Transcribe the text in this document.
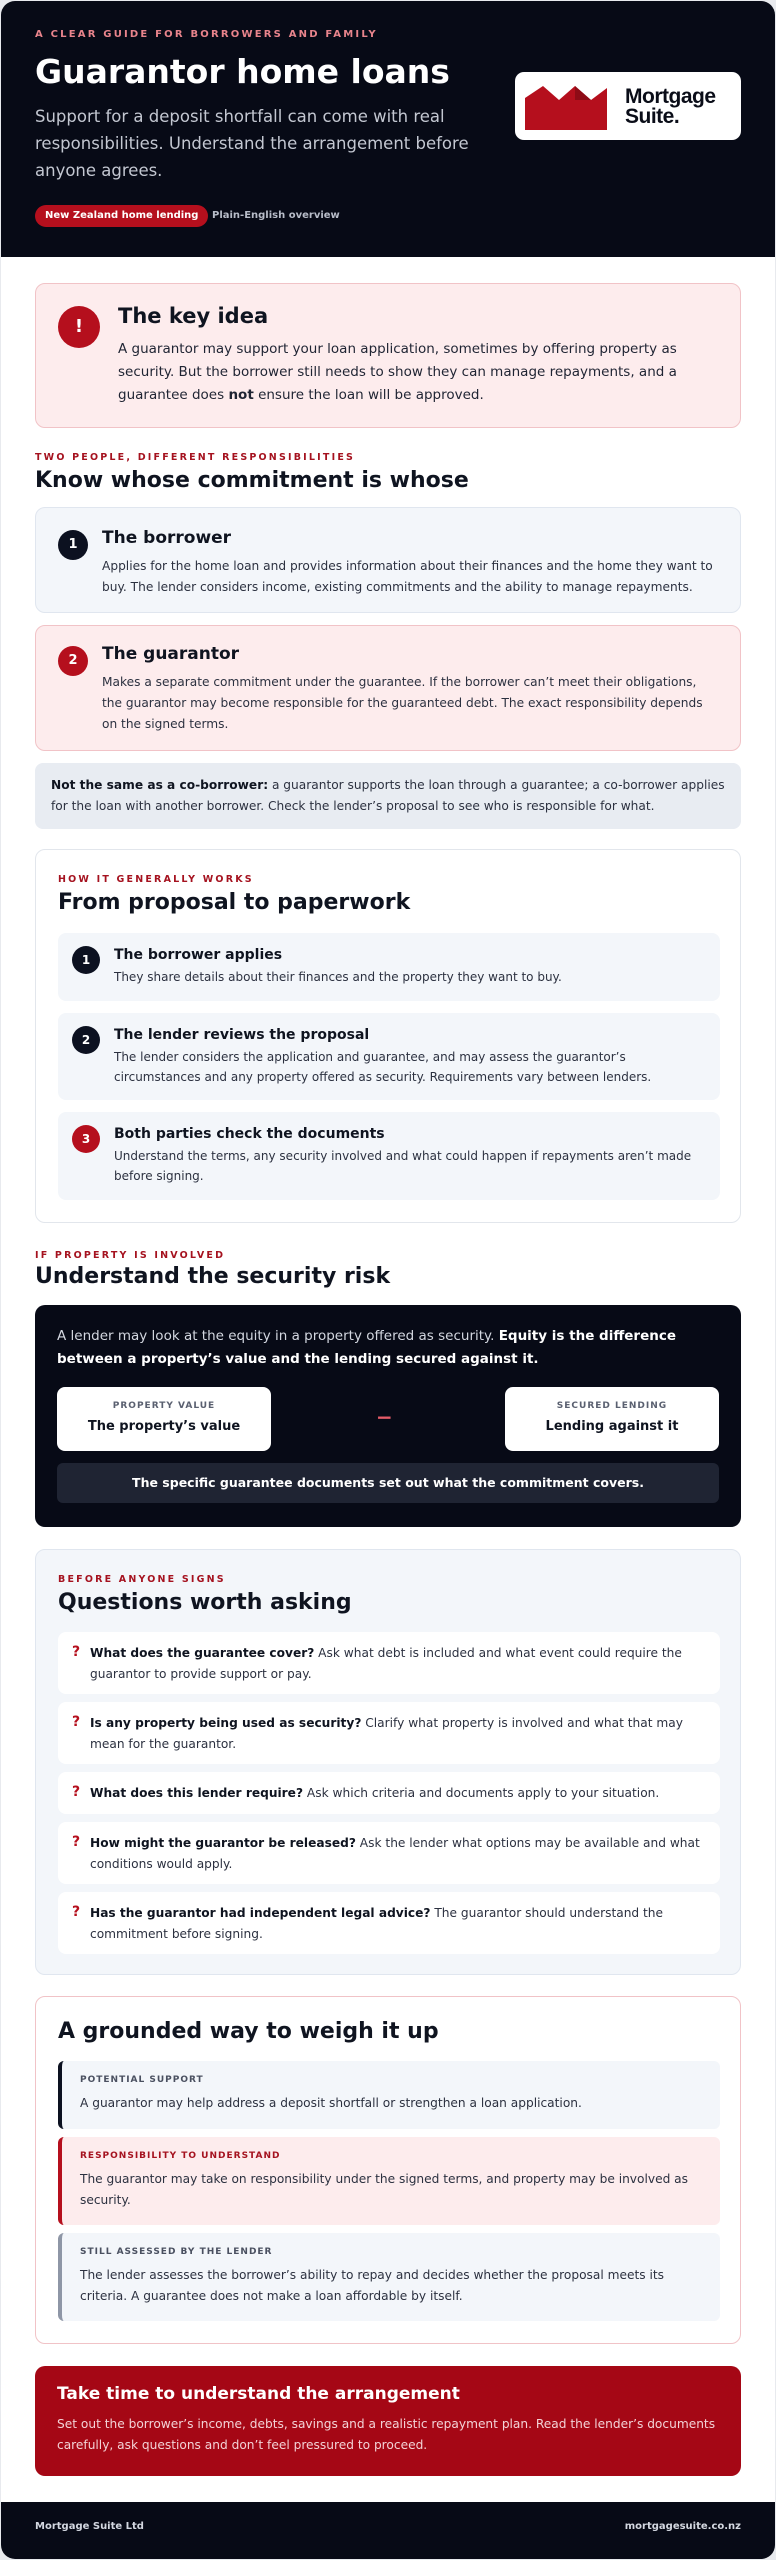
A CLEAR GUIDE FOR BORROWERS AND FAMILY
Guarantor home loans

Support for a deposit shortfall can come with real responsibilities. Understand the arrangement before anyone agrees.

New Zealand home lending	Plain-English overview
Mortgage
Suite.
!	The key idea

A guarantor may support your loan application, sometimes by offering property as security. But the borrower still needs to show they can manage repayments, and a guarantee does not ensure the loan will be approved.

TWO PEOPLE, DIFFERENT RESPONSIBILITIES
Know whose commitment is whose
1	The borrower

Applies for the home loan and provides information about their finances and the home they want to buy. The lender considers income, existing commitments and the ability to manage repayments.

2	The guarantor

Makes a separate commitment under the guarantee. If the borrower can’t meet their obligations, the guarantor may become responsible for the guaranteed debt. The exact responsibility depends on the signed terms.

Not the same as a co-borrower: a guarantor supports the loan through a guarantee; a co-borrower applies for the loan with another borrower. Check the lender’s proposal to see who is responsible for what.
HOW IT GENERALLY WORKS
From proposal to paperwork
1	The borrower applies

They share details about their finances and the property they want to buy.

2	The lender reviews the proposal

The lender considers the application and guarantee, and may assess the guarantor’s circumstances and any property offered as security. Requirements vary between lenders.

3	Both parties check the documents

Understand the terms, any security involved and what could happen if repayments aren’t made before signing.

IF PROPERTY IS INVOLVED
Understand the security risk

A lender may look at the equity in a property offered as security. Equity is the difference between a property’s value and the lending secured against it.

PROPERTY VALUE
The property’s value	−	SECURED LENDING
Lending against it
The specific guarantee documents set out what the commitment covers.
BEFORE ANYONE SIGNS
Questions worth asking
? What does the guarantee cover? Ask what debt is included and what event could require the guarantor to provide support or pay.

? Is any property being used as security? Clarify what property is involved and what that may mean for the guarantor.

? What does this lender require? Ask which criteria and documents apply to your situation.

? How might the guarantor be released? Ask the lender what options may be available and what conditions would apply.

? Has the guarantor had independent legal advice? The guarantor should understand the commitment before signing.

A grounded way to weigh it up
POTENTIAL SUPPORT

A guarantor may help address a deposit shortfall or strengthen a loan application.

RESPONSIBILITY TO UNDERSTAND

The guarantor may take on responsibility under the signed terms, and property may be involved as security.

STILL ASSESSED BY THE LENDER

The lender assesses the borrower’s ability to repay and decides whether the proposal meets its criteria. A guarantee does not make a loan affordable by itself.

Take time to understand the arrangement

Set out the borrower’s income, debts, savings and a realistic repayment plan. Read the lender’s documents carefully, ask questions and don’t feel pressured to proceed.

Mortgage Suite Ltd	mortgagesuite.co.nz
